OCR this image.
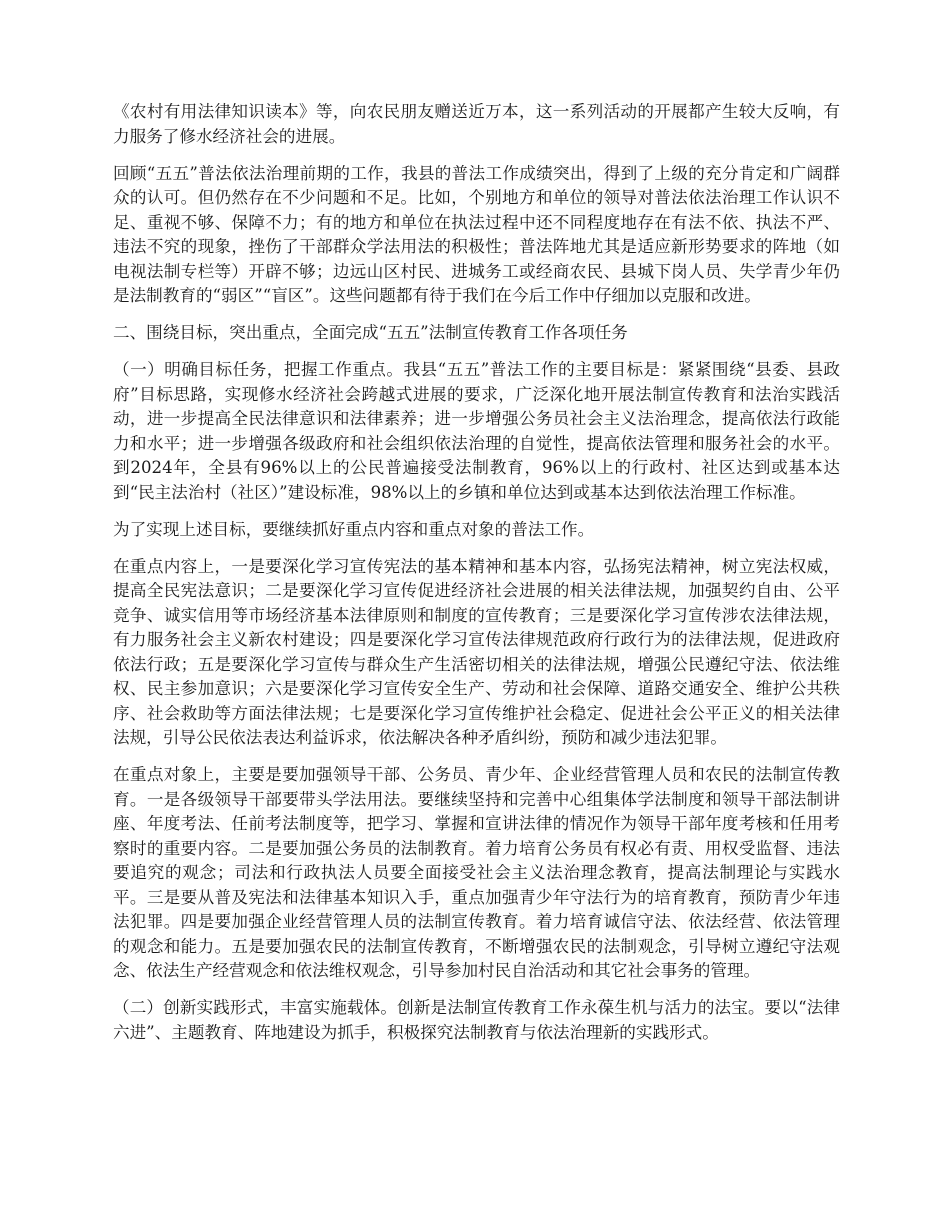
《农村有用法律知识读本》等，向农民朋友赠送近万本，这一系列活动的开展都产生较大反响，有力服务了修水经济社会的进展。

回顾“五五”普法依法治理前期的工作，我县的普法工作成绩突出，得到了上级的充分肯定和广阔群众的认可。但仍然存在不少问题和不足。比如，个别地方和单位的领导对普法依法治理工作认识不足、重视不够、保障不力；有的地方和单位在执法过程中还不同程度地存在有法不依、执法不严、违法不究的现象，挫伤了干部群众学法用法的积极性；普法阵地尤其是适应新形势要求的阵地（如电视法制专栏等）开辟不够；边远山区村民、进城务工或经商农民、县城下岗人员、失学青少年仍是法制教育的“弱区”“盲区”。这些问题都有待于我们在今后工作中仔细加以克服和改进。

二、围绕目标，突出重点，全面完成“五五”法制宣传教育工作各项任务

（一）明确目标任务，把握工作重点。我县“五五”普法工作的主要目标是：紧紧围绕“县委、县政府”目标思路，实现修水经济社会跨越式进展的要求，广泛深化地开展法制宣传教育和法治实践活动，进一步提高全民法律意识和法律素养；进一步增强公务员社会主义法治理念，提高依法行政能力和水平；进一步增强各级政府和社会组织依法治理的自觉性，提高依法管理和服务社会的水平。到2024年，全县有96%以上的公民普遍接受法制教育，96%以上的行政村、社区达到或基本达到“民主法治村（社区）”建设标准，98%以上的乡镇和单位达到或基本达到依法治理工作标准。

为了实现上述目标，要继续抓好重点内容和重点对象的普法工作。

在重点内容上，一是要深化学习宣传宪法的基本精神和基本内容，弘扬宪法精神，树立宪法权威，提高全民宪法意识；二是要深化学习宣传促进经济社会进展的相关法律法规，加强契约自由、公平竞争、诚实信用等市场经济基本法律原则和制度的宣传教育；三是要深化学习宣传涉农法律法规，有力服务社会主义新农村建设；四是要深化学习宣传法律规范政府行政行为的法律法规，促进政府依法行政；五是要深化学习宣传与群众生产生活密切相关的法律法规，增强公民遵纪守法、依法维权、民主参加意识；六是要深化学习宣传安全生产、劳动和社会保障、道路交通安全、维护公共秩序、社会救助等方面法律法规；七是要深化学习宣传维护社会稳定、促进社会公平正义的相关法律法规，引导公民依法表达利益诉求，依法解决各种矛盾纠纷，预防和减少违法犯罪。

在重点对象上，主要是要加强领导干部、公务员、青少年、企业经营管理人员和农民的法制宣传教育。一是各级领导干部要带头学法用法。要继续坚持和完善中心组集体学法制度和领导干部法制讲座、年度考法、任前考法制度等，把学习、掌握和宣讲法律的情况作为领导干部年度考核和任用考察时的重要内容。二是要加强公务员的法制教育。着力培育公务员有权必有责、用权受监督、违法要追究的观念；司法和行政执法人员要全面接受社会主义法治理念教育，提高法制理论与实践水平。三是要从普及宪法和法律基本知识入手，重点加强青少年守法行为的培育教育，预防青少年违法犯罪。四是要加强企业经营管理人员的法制宣传教育。着力培育诚信守法、依法经营、依法管理的观念和能力。五是要加强农民的法制宣传教育，不断增强农民的法制观念，引导树立遵纪守法观念、依法生产经营观念和依法维权观念，引导参加村民自治活动和其它社会事务的管理。

（二）创新实践形式，丰富实施载体。创新是法制宣传教育工作永葆生机与活力的法宝。要以“法律六进”、主题教育、阵地建设为抓手，积极探究法制教育与依法治理新的实践形式。
